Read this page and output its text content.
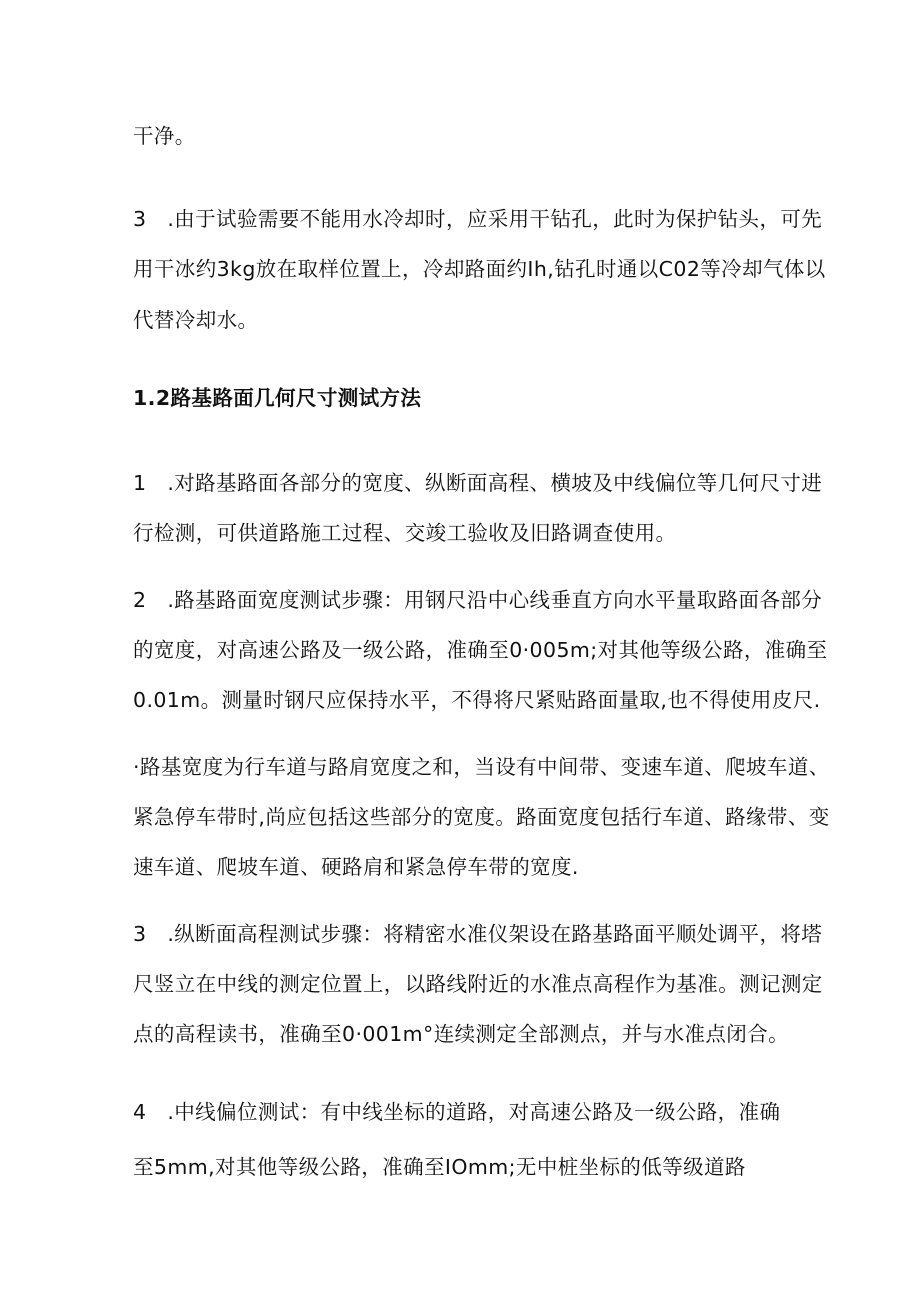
干净。

3　.由于试验需要不能用水冷却时，应采用干钻孔，此时为保护钻头，可先

用干冰约3kg放在取样位置上，冷却路面约Ih,钻孔时通以C02等冷却气体以

代替冷却水。

1.2路基路面几何尺寸测试方法

1　.对路基路面各部分的宽度、纵断面高程、横坡及中线偏位等几何尺寸进

行检测，可供道路施工过程、交竣工验收及旧路调查使用。

2　.路基路面宽度测试步骤：用钢尺沿中心线垂直方向水平量取路面各部分

的宽度，对高速公路及一级公路，准确至0·005m;对其他等级公路，准确至

0.01m。测量时钢尺应保持水平，不得将尺紧贴路面量取,也不得使用皮尺.

·路基宽度为行车道与路肩宽度之和，当设有中间带、变速车道、爬坡车道、

紧急停车带时,尚应包括这些部分的宽度。路面宽度包括行车道、路缘带、变

速车道、爬坡车道、硬路肩和紧急停车带的宽度.

3　.纵断面高程测试步骤：将精密水准仪架设在路基路面平顺处调平，将塔

尺竖立在中线的测定位置上，以路线附近的水准点高程作为基准。测记测定

点的高程读书，准确至0·001m°连续测定全部测点，并与水准点闭合。

4　.中线偏位测试：有中线坐标的道路，对高速公路及一级公路，准确

至5mm,对其他等级公路，准确至IOmm;无中桩坐标的低等级道路
